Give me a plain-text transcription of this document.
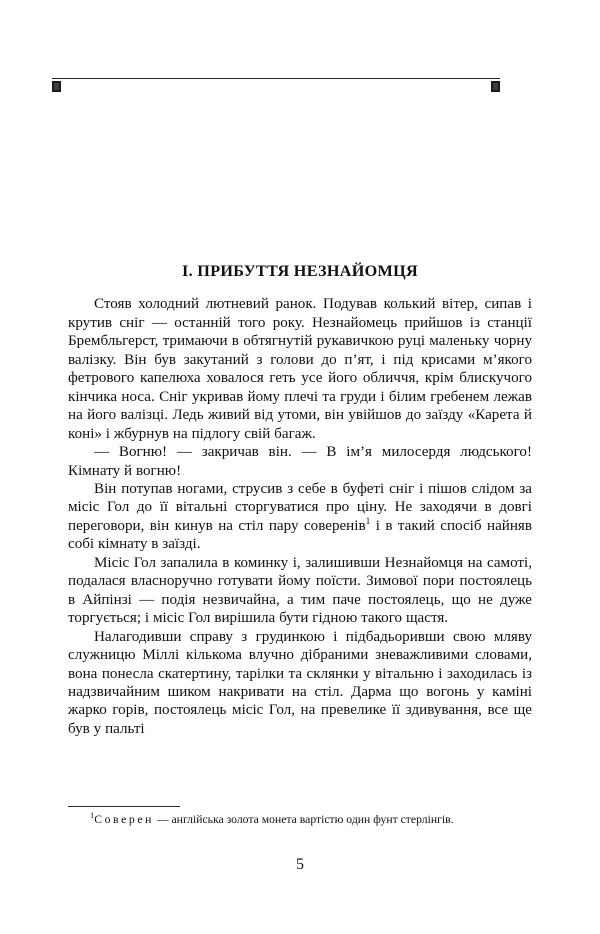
I. ПРИБУТТЯ НЕЗНАЙОМЦЯ

Стояв холодний лютневий ранок. Подував колький вітер, сипав і крутив сніг — останній того року. Незнайомець прийшов із станції Брембльгерст, тримаючи в обтягнутій рукавичкою руці маленьку чорну валізку. Він був закутаний з голови до п’ят, і під крисами м’якого фетрового капелюха ховалося геть усе його обличчя, крім блискучого кінчика носа. Сніг укривав йому плечі та груди і білим гребенем лежав на його валізці. Ледь живий від утоми, він увійшов до заїзду «Карета й коні» і жбурнув на підлогу свій багаж.

— Вогню! — закричав він. — В ім’я милосердя людського! Кімнату й вогню!

Він потупав ногами, струсив з себе в буфеті сніг і пішов слідом за місіс Гол до її вітальні сторгуватися про ціну. Не заходячи в довгі переговори, він кинув на стіл пару соверенів$^1$ і в такий спосіб найняв собі кімнату в заїзді.

Місіс Гол запалила в коминку і, залишивши Незнайомця на самоті, подалася власноручно готувати йому поїсти. Зимової пори постоялець в Айпінзі — подія незвичайна, а тим паче постоялець, що не дуже торгується; і місіс Гол вирішила бути гідною такого щастя.

Налагодивши справу з грудинкою і підбадьоривши свою мляву служницю Міллі кількома влучно дібраними зневажливими словами, вона понесла скатертину, тарілки та склянки у вітальню і заходилась із надзвичайним шиком накривати на стіл. Дарма що вогонь у каміні жарко горів, постоялець місіс Гол, на превелике її здивування, все ще був у пальті

$^1$Соверен — англійська золота монета вартістю один фунт стерлінгів.

5
